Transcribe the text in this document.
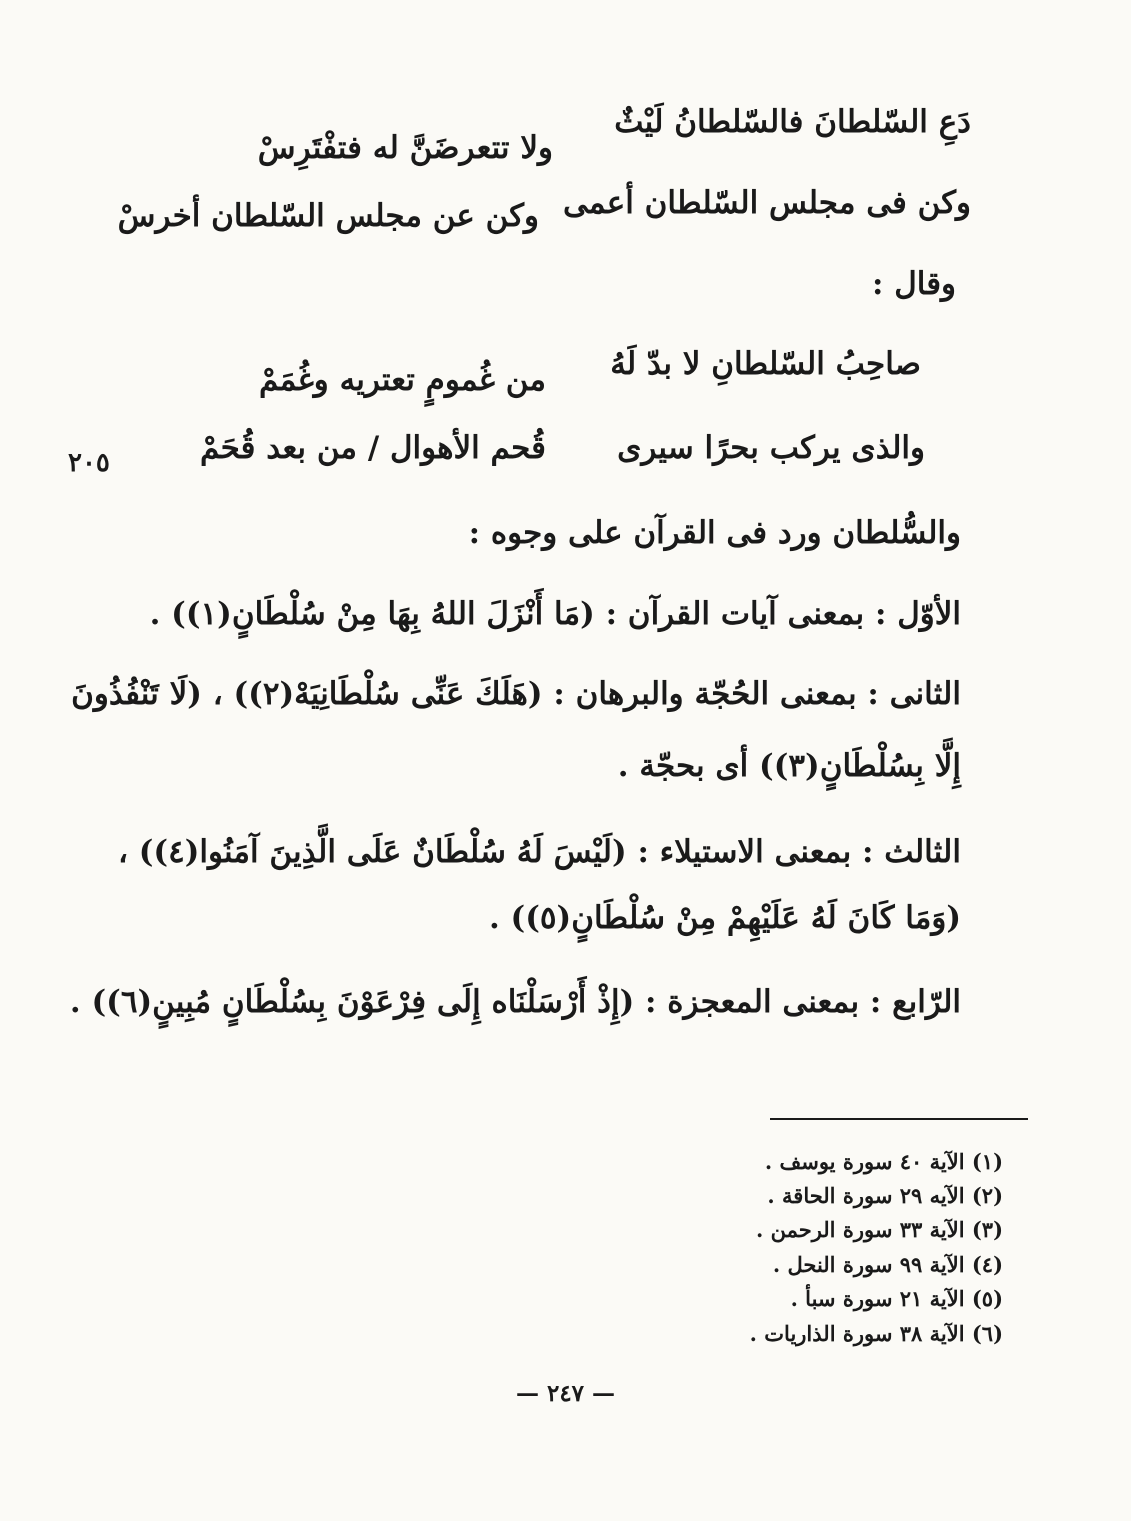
دَعِ السّلطانَ فالسّلطانُ لَيْثٌ
ولا تتعرضَنَّ له فتفْتَرِسْ
وكن فى مجلس السّلطان أعمى
وكن عن مجلس السّلطان أخرسْ
وقال :
صاحِبُ السّلطانِ لا بدّ لَهُ
من غُمومٍ تعتريه وغُمَمْ
والذى يركب بحرًا سيرى
قُحم الأهوال / من بعد قُحَمْ
٢٠٥
والسُّلطان ورد فى القرآن على وجوه :
الأوّل : بمعنى آيات القرآن : (مَا أَنْزَلَ اللهُ بِهَا مِنْ سُلْطَانٍ(١)) .
الثانى : بمعنى الحُجّة والبرهان : (هَلَكَ عَنِّى سُلْطَانِيَهْ(٢)) ، (لَا تَنْفُذُونَ
إِلَّا بِسُلْطَانٍ(٣)) أى بحجّة .
الثالث : بمعنى الاستيلاء : (لَيْسَ لَهُ سُلْطَانٌ عَلَى الَّذِينَ آمَنُوا(٤)) ،
(وَمَا كَانَ لَهُ عَلَيْهِمْ مِنْ سُلْطَانٍ(٥)) .
الرّابع : بمعنى المعجزة : (إِذْ أَرْسَلْنَاه إِلَى فِرْعَوْنَ بِسُلْطَانٍ مُبِينٍ(٦)) .
(١) الآية ٤٠ سورة يوسف .
(٢) الآيه ٢٩ سورة الحاقة .
(٣) الآية ٣٣ سورة الرحمن .
(٤) الآية ٩٩ سورة النحل .
(٥) الآية ٢١ سورة سبأ .
(٦) الآية ٣٨ سورة الذاريات .
— ٢٤٧ —
